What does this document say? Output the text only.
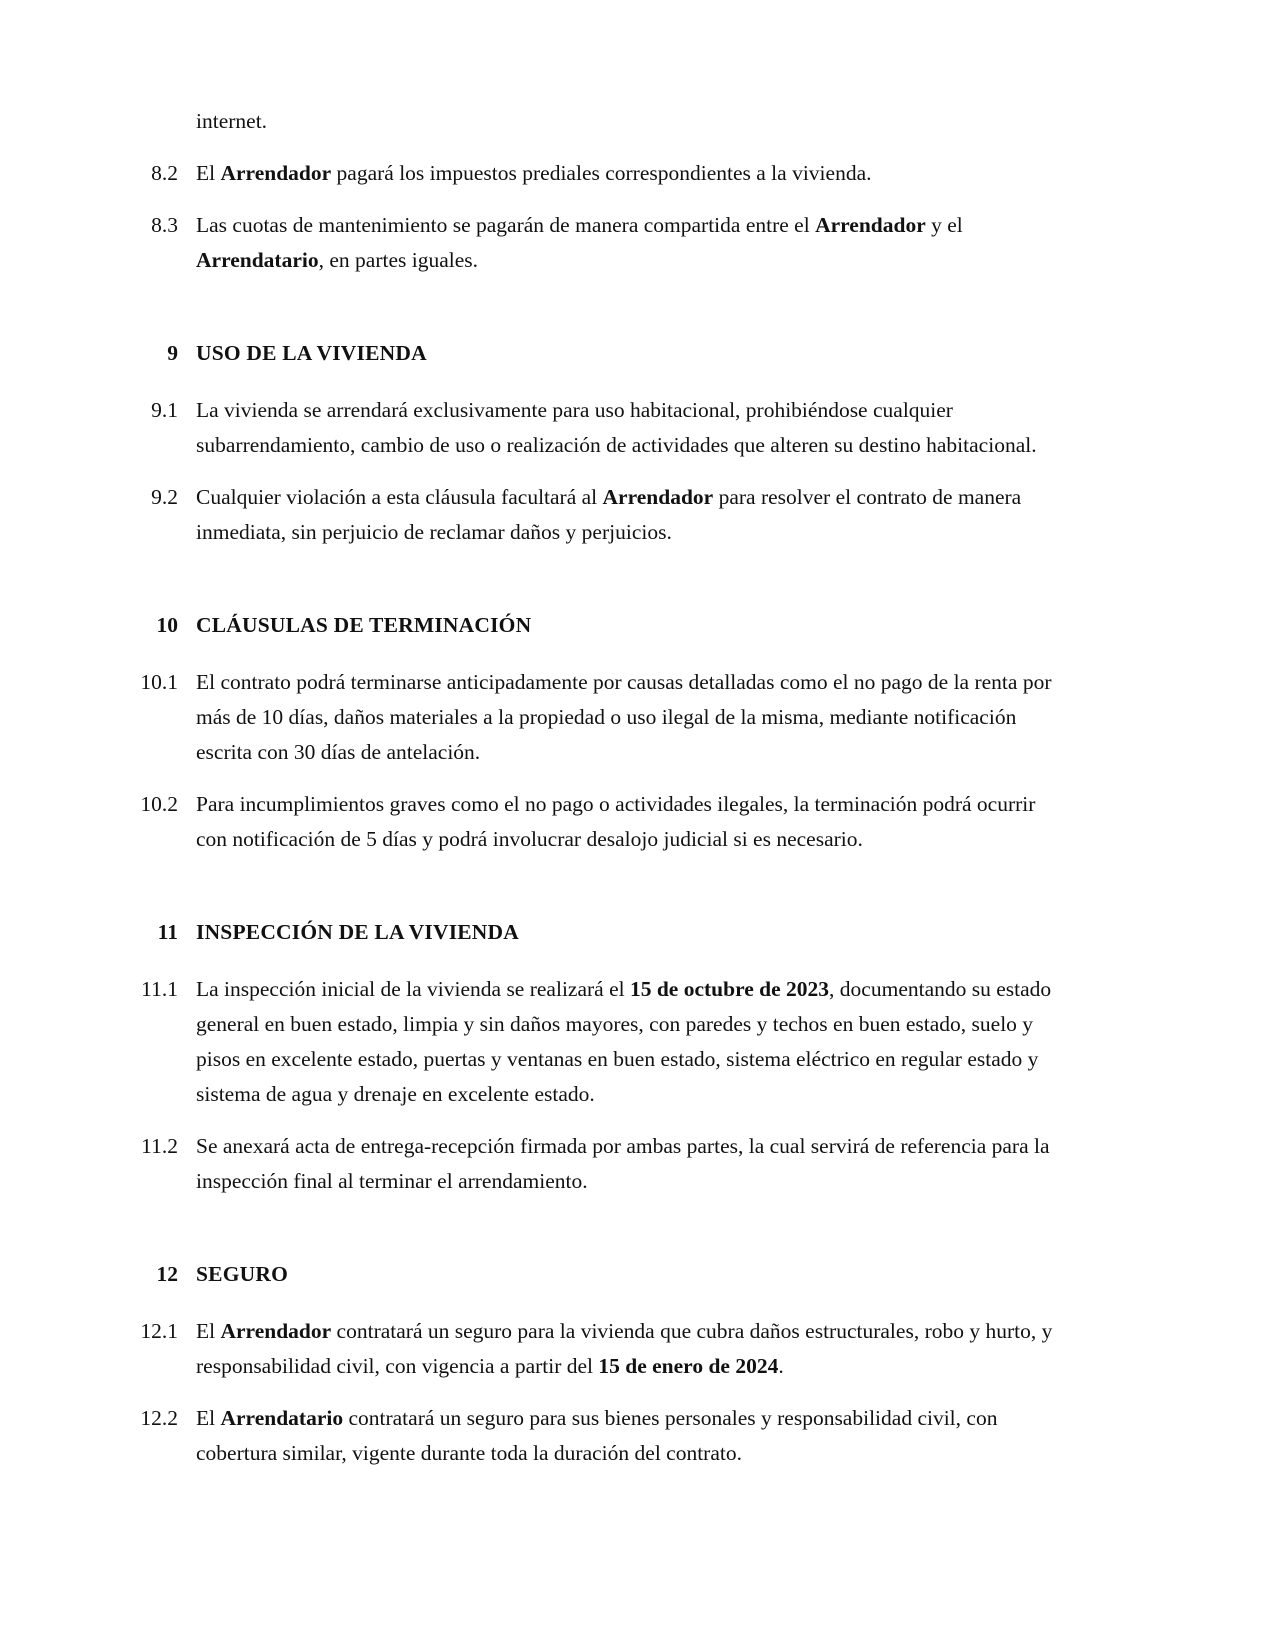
internet.
8.2 El Arrendador pagará los impuestos prediales correspondientes a la vivienda.
8.3 Las cuotas de mantenimiento se pagarán de manera compartida entre el Arrendador y el Arrendatario, en partes iguales.
9 USO DE LA VIVIENDA
9.1 La vivienda se arrendará exclusivamente para uso habitacional, prohibiéndose cualquier subarrendamiento, cambio de uso o realización de actividades que alteren su destino habitacional.
9.2 Cualquier violación a esta cláusula facultará al Arrendador para resolver el contrato de manera inmediata, sin perjuicio de reclamar daños y perjuicios.
10 CLÁUSULAS DE TERMINACIÓN
10.1 El contrato podrá terminarse anticipadamente por causas detalladas como el no pago de la renta por más de 10 días, daños materiales a la propiedad o uso ilegal de la misma, mediante notificación escrita con 30 días de antelación.
10.2 Para incumplimientos graves como el no pago o actividades ilegales, la terminación podrá ocurrir con notificación de 5 días y podrá involucrar desalojo judicial si es necesario.
11 INSPECCIÓN DE LA VIVIENDA
11.1 La inspección inicial de la vivienda se realizará el 15 de octubre de 2023, documentando su estado general en buen estado, limpia y sin daños mayores, con paredes y techos en buen estado, suelo y pisos en excelente estado, puertas y ventanas en buen estado, sistema eléctrico en regular estado y sistema de agua y drenaje en excelente estado.
11.2 Se anexará acta de entrega-recepción firmada por ambas partes, la cual servirá de referencia para la inspección final al terminar el arrendamiento.
12 SEGURO
12.1 El Arrendador contratará un seguro para la vivienda que cubra daños estructurales, robo y hurto, y responsabilidad civil, con vigencia a partir del 15 de enero de 2024.
12.2 El Arrendatario contratará un seguro para sus bienes personales y responsabilidad civil, con cobertura similar, vigente durante toda la duración del contrato.
